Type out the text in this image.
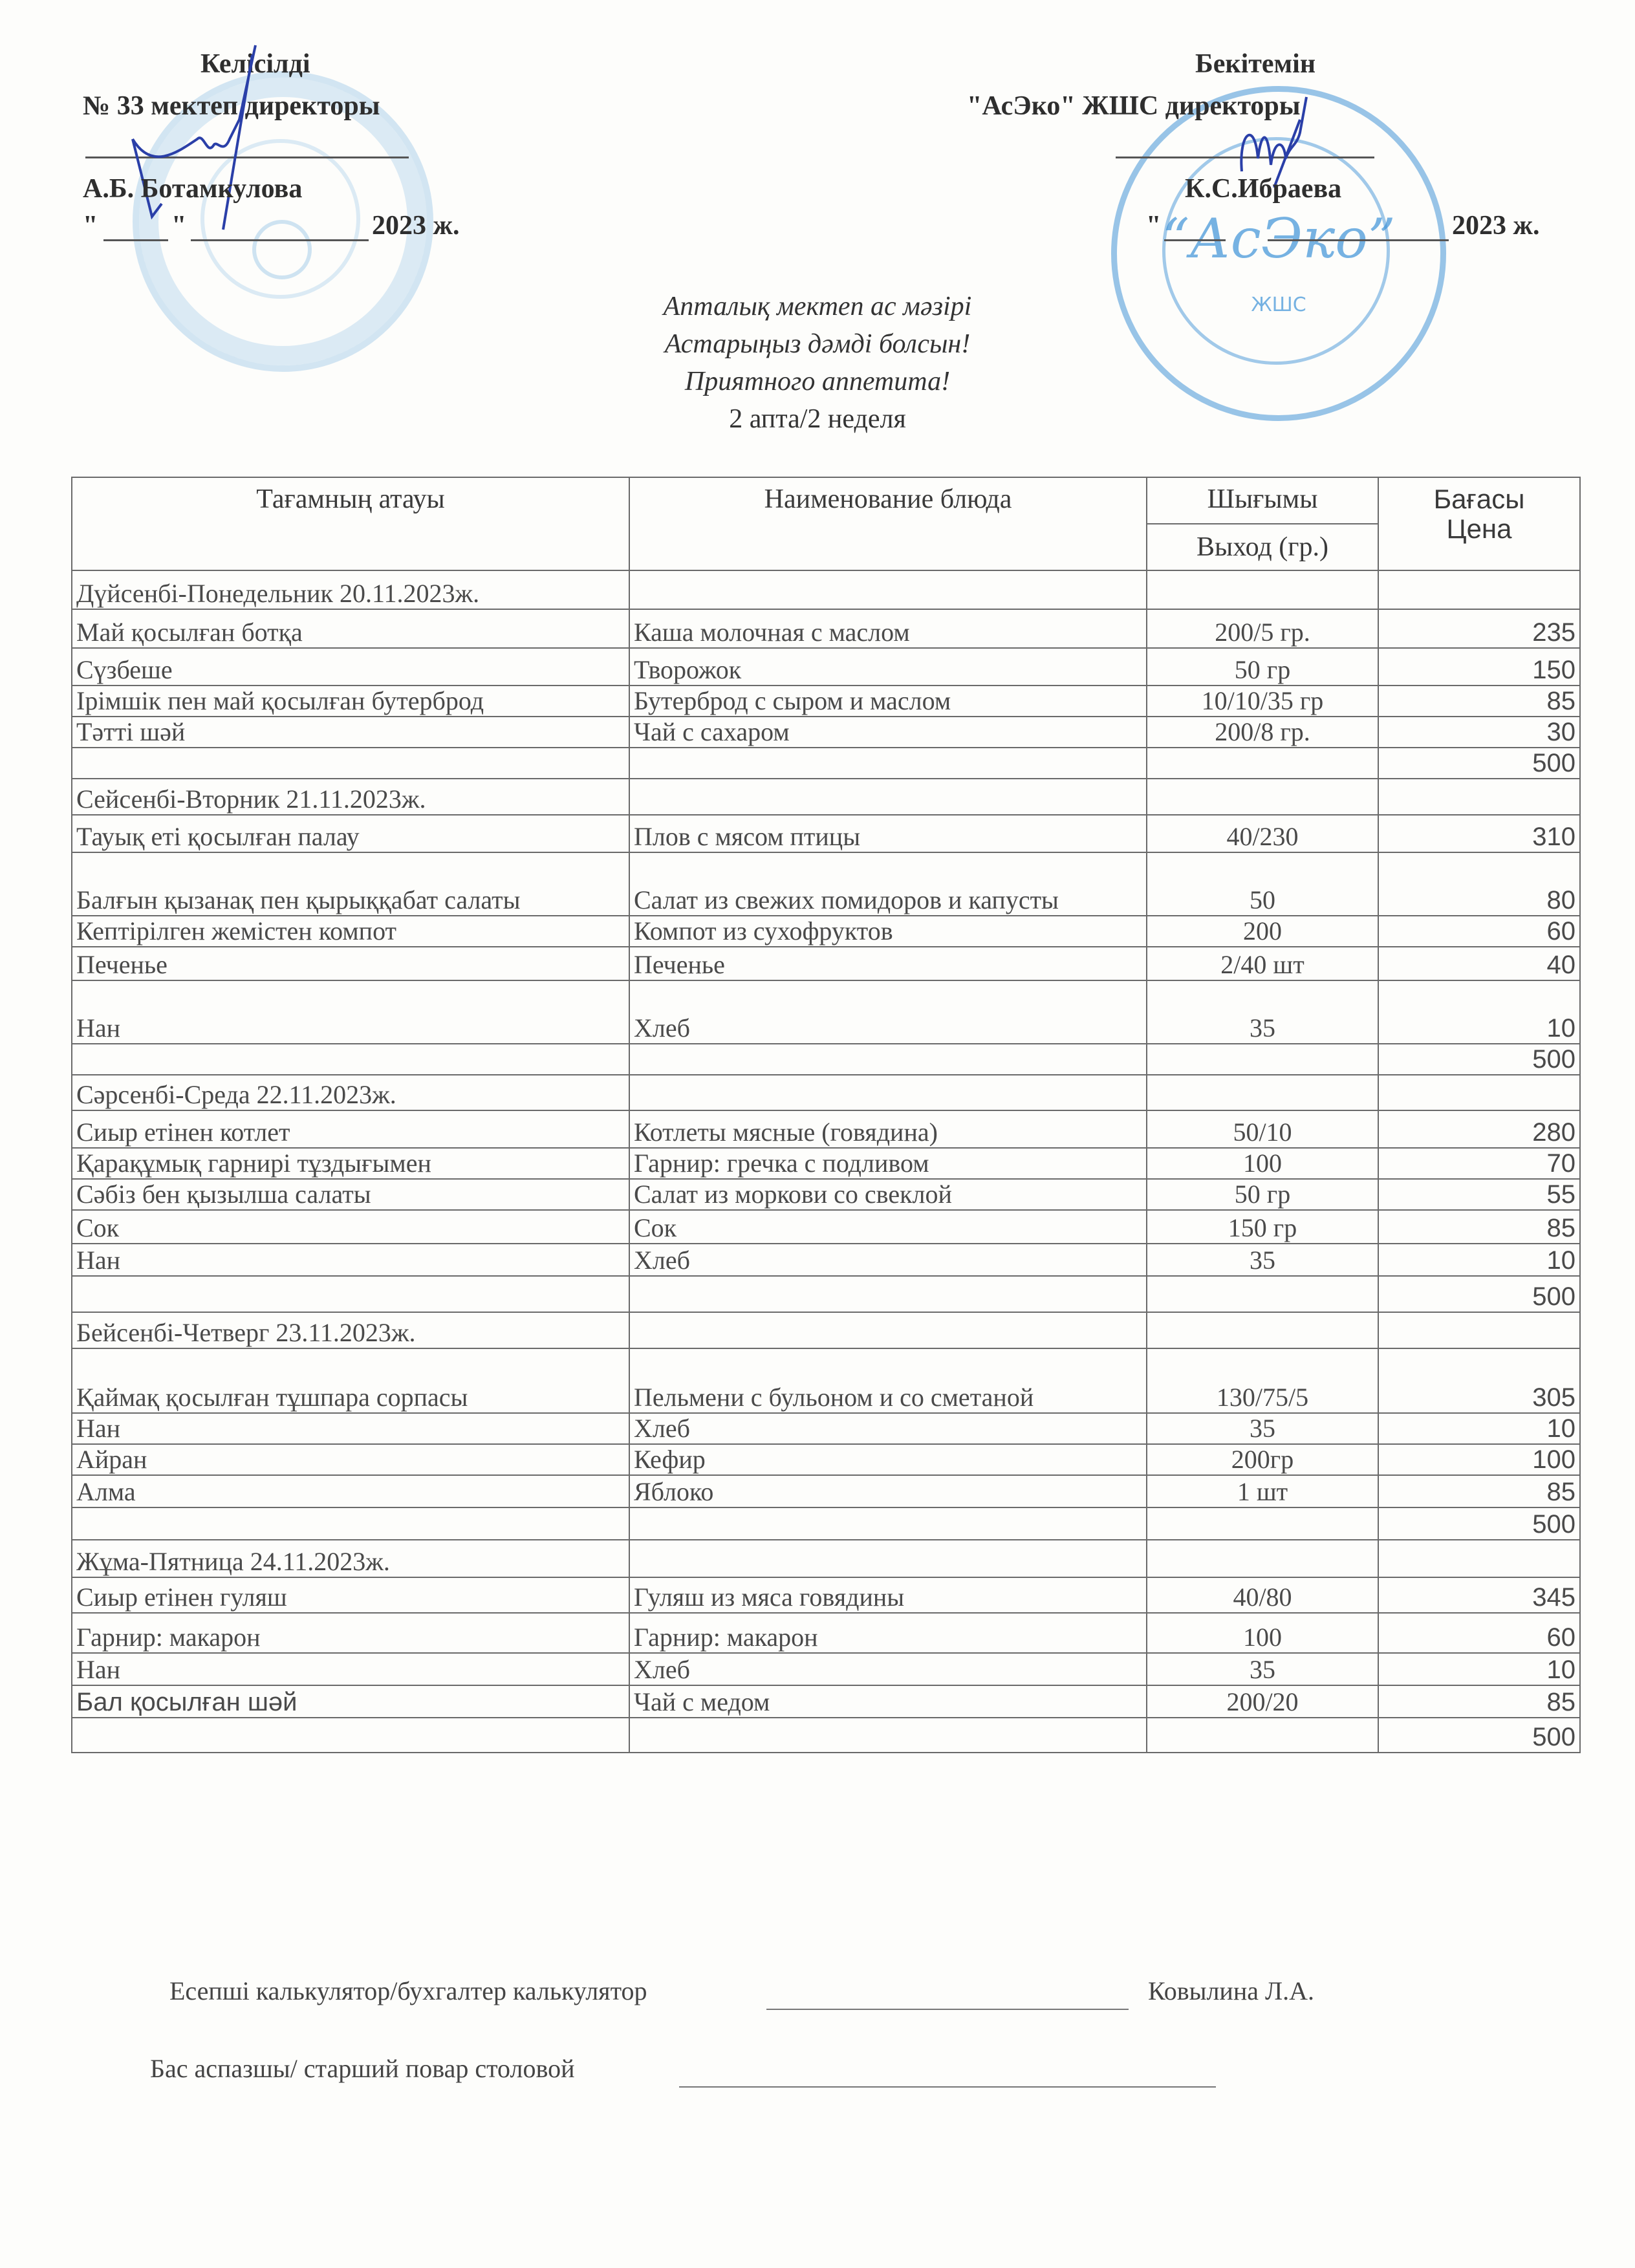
Келісілді
№ 33 мектеп директоры
А.Б. Ботамкулова
"	"	2023 ж.	“АсЭко”
ЖШС
Бекітемін
"АсЭко" ЖШС директоры
К.С.Ибраева
"	2023 ж.
Апталық мектеп ас мәзірі
Астарыңыз дәмді болсын!
Приятного аппетита!
2 апта/2 неделя
Тағамның атауы	Наименование блюда	Шығымы	Бағасы
Цена

		Выход (гр.)	
Дүйсенбі-Понедельник 20.11.2023ж.			
Май қосылған ботқа	Каша молочная с маслом	200/5 гр.	235
Сүзбеше	Творожок	50 гр	150
Ірімшік пен май қосылған бутерброд	Бутерброд с сыром и маслом	10/10/35 гр	85
Тәтті шәй	Чай с сахаром	200/8 гр.	30
			500
Сейсенбі-Вторник 21.11.2023ж.			
Тауық еті қосылған палау	Плов с мясом птицы	40/230	310
Балғын қызанақ пен қырыққабат салаты	Салат из свежих помидоров и капусты	50	80
Кептірілген жемістен компот	Компот из сухофруктов	200	60
Печенье	Печенье	2/40 шт	40
Нан	Хлеб	35	10
			500
Сәрсенбі-Среда 22.11.2023ж.			
Сиыр етінен котлет	Котлеты мясные (говядина)	50/10	280
Қарақұмық гарнирі тұздығымен	Гарнир: гречка с подливом	100	70
Сәбіз бен қызылша салаты	Салат из моркови со свеклой	50 гр	55
Сок	Сок	150 гр	85
Нан	Хлеб	35	10
			500
Бейсенбі-Четверг 23.11.2023ж.			
Қаймақ қосылған тұшпара сорпасы	Пельмени с бульоном и со сметаной	130/75/5	305
Нан	Хлеб	35	10
Айран	Кефир	200гр	100
Алма	Яблоко	1 шт	85
			500
Жұма-Пятница 24.11.2023ж.			
Сиыр етінен гуляш	Гуляш из мяса говядины	40/80	345
Гарнир: макарон	Гарнир: макарон	100	60
Нан	Хлеб	35	10
Бал қосылған шәй	Чай с медом	200/20	85
			500
Есепші калькулятор/бухгалтер калькулятор	Ковылина Л.А.
Бас аспазшы/ старший повар столовой
